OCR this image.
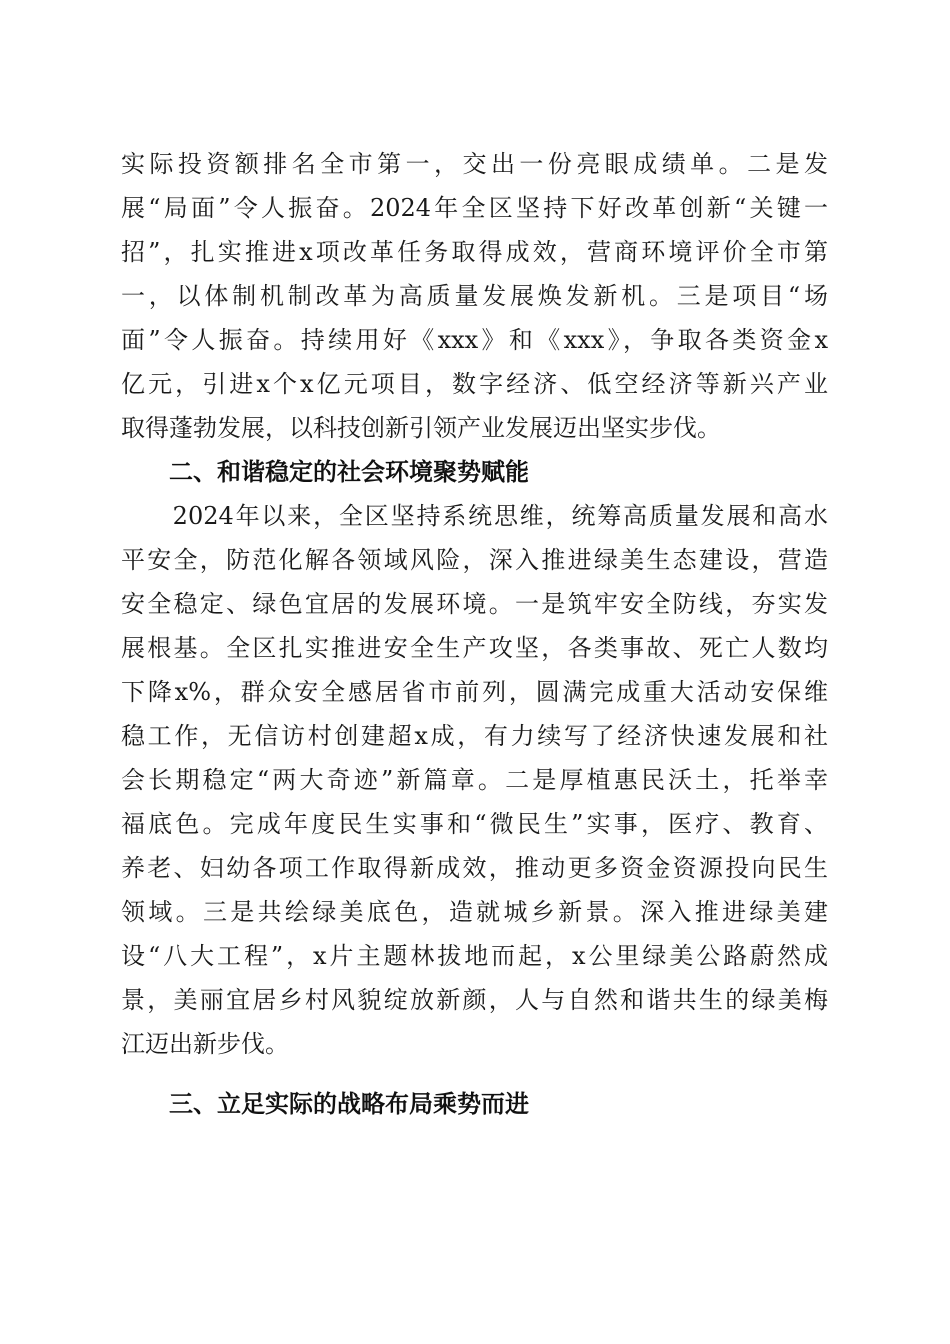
实际投资额排名全市第一，交出一份亮眼成绩单。二是发
展“局面”令人振奋。2024年全区坚持下好改革创新“关键一
招”，扎实推进x项改革任务取得成效，营商环境评价全市第
一，以体制机制改革为高质量发展焕发新机。三是项目“场
面”令人振奋。持续用好《xxx》和《xxx》，争取各类资金x
亿元，引进x个x亿元项目，数字经济、低空经济等新兴产业
取得蓬勃发展，以科技创新引领产业发展迈出坚实步伐。
二、和谐稳定的社会环境聚势赋能
　　2024年以来，全区坚持系统思维，统筹高质量发展和高水
平安全，防范化解各领域风险，深入推进绿美生态建设，营造
安全稳定、绿色宜居的发展环境。一是筑牢安全防线，夯实发
展根基。全区扎实推进安全生产攻坚，各类事故、死亡人数均
下降x%，群众安全感居省市前列，圆满完成重大活动安保维
稳工作，无信访村创建超x成，有力续写了经济快速发展和社
会长期稳定“两大奇迹”新篇章。二是厚植惠民沃土，托举幸
福底色。完成年度民生实事和“微民生”实事，医疗、教育、
养老、妇幼各项工作取得新成效，推动更多资金资源投向民生
领域。三是共绘绿美底色，造就城乡新景。深入推进绿美建
设“八大工程”，x片主题林拔地而起，x公里绿美公路蔚然成
景，美丽宜居乡村风貌绽放新颜，人与自然和谐共生的绿美梅
江迈出新步伐。
三、立足实际的战略布局乘势而进
